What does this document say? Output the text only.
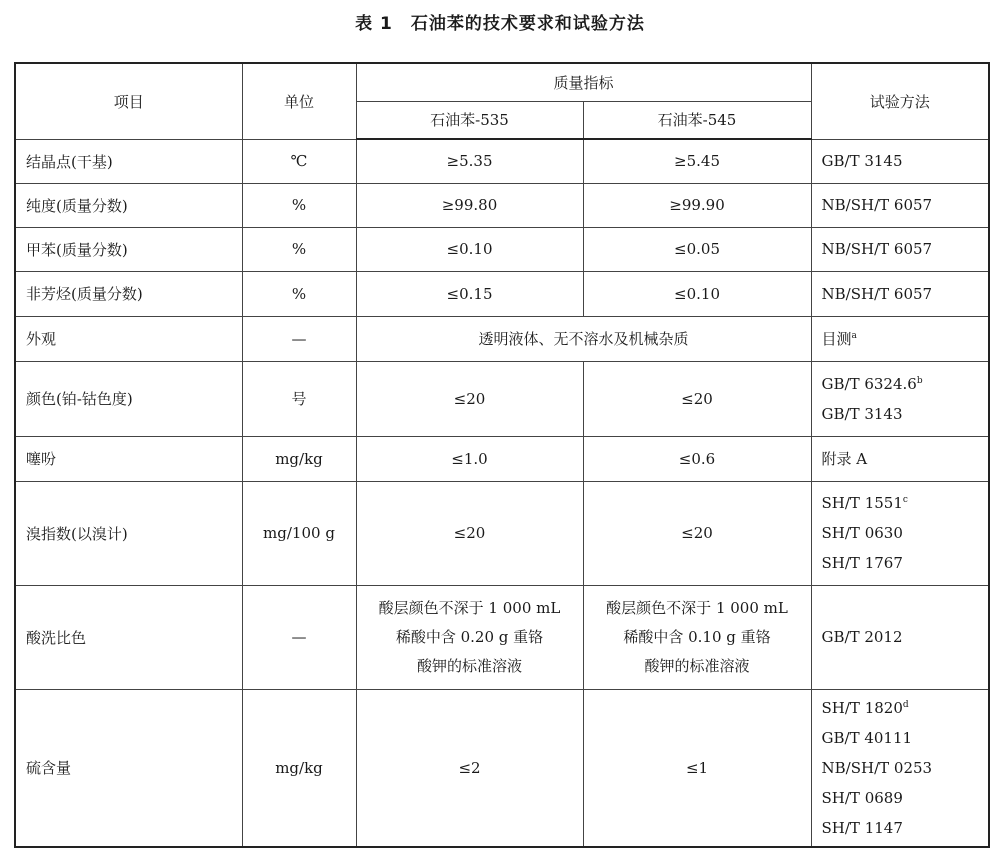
表 1 石油苯的技术要求和试验方法
项目	单位	质量指标		试验方法
		石油苯-535	石油苯-545	
结晶点(干基)	℃	≥5.35	≥5.45	GB/T 3145

纯度(质量分数)	%	≥99.80	≥99.90	NB/SH/T 6057

甲苯(质量分数)	%	≤0.10	≤0.05	NB/SH/T 6057

非芳烃(质量分数)	%	≤0.15	≤0.10	NB/SH/T 6057

外观	—	透明液体、无不溶水及机械杂质		目测$^a$

颜色(铂-钴色度)	号	≤20	≤20	GB/T 6324.6$^b$
GB/T 3143

噻吩	mg/kg	≤1.0	≤0.6	附录 A

溴指数(以溴计)	mg/100 g	≤20	≤20	SH/T 1551$^c$
SH/T 0630
SH/T 1767

酸洗比色	—	酸层颜色不深于 1 000 mL
稀酸中含 0.20 g 重铬
酸钾的标准溶液	酸层颜色不深于 1 000 mL
稀酸中含 0.10 g 重铬
酸钾的标准溶液	GB/T 2012

硫含量	mg/kg	≤2	≤1	SH/T 1820$^d$
GB/T 40111
NB/SH/T 0253
SH/T 0689
SH/T 1147
